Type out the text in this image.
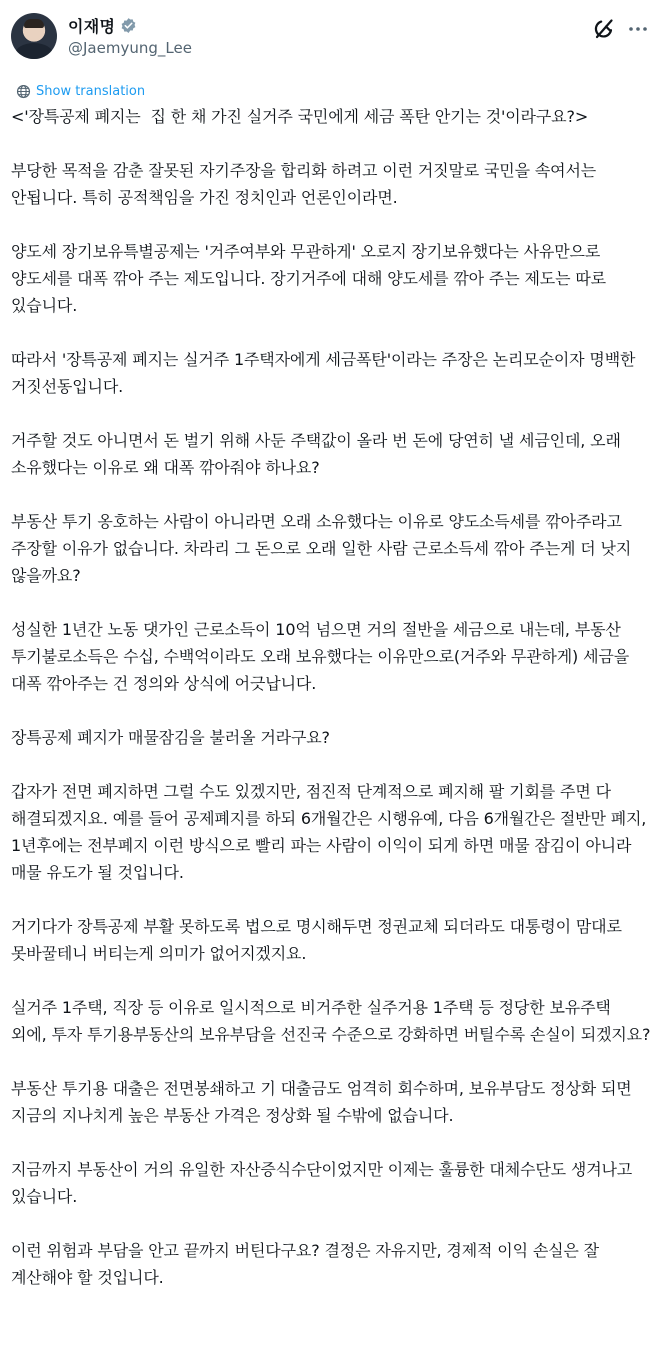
이재명
@Jaemyung_Lee
Show translation

<'장특공제 폐지는  집 한 채 가진 실거주 국민에게 세금 폭탄 안기는 것'이라구요?>

부당한 목적을 감춘 잘못된 자기주장을 합리화 하려고 이런 거짓말로 국민을 속여서는 안됩니다. 특히 공적책임을 가진 정치인과 언론인이라면.

양도세 장기보유특별공제는 '거주여부와 무관하게' 오로지 장기보유했다는 사유만으로 양도세를 대폭 깎아 주는 제도입니다. 장기거주에 대해 양도세를 깎아 주는 제도는 따로 있습니다.

따라서 '장특공제 폐지는 실거주 1주택자에게 세금폭탄'이라는 주장은 논리모순이자 명백한 거짓선동입니다.

거주할 것도 아니면서 돈 벌기 위해 사둔 주택값이 올라 번 돈에 당연히 낼 세금인데, 오래 소유했다는 이유로 왜 대폭 깎아줘야 하나요?

부동산 투기 옹호하는 사람이 아니라면 오래 소유했다는 이유로 양도소득세를 깎아주라고 주장할 이유가 없습니다. 차라리 그 돈으로 오래 일한 사람 근로소득세 깎아 주는게 더 낫지 않을까요?

성실한 1년간 노동 댓가인 근로소득이 10억 넘으면 거의 절반을 세금으로 내는데, 부동산 투기불로소득은 수십, 수백억이라도 오래 보유했다는 이유만으로(거주와 무관하게) 세금을 대폭 깎아주는 건 정의와 상식에 어긋납니다.

장특공제 폐지가 매물잠김을 불러올 거라구요?

갑자가 전면 폐지하면 그럴 수도 있겠지만, 점진적 단계적으로 폐지해 팔 기회를 주면 다 해결되겠지요. 예를 들어 공제폐지를 하되 6개월간은 시행유예, 다음 6개월간은 절반만 폐지, 1년후에는 전부폐지 이런 방식으로 빨리 파는 사람이 이익이 되게 하면 매물 잠김이 아니라 매물 유도가 될 것입니다.

거기다가 장특공제 부활 못하도록 법으로 명시해두면 정권교체 되더라도 대통령이 맘대로 못바꿀테니 버티는게 의미가 없어지겠지요.

실거주 1주택, 직장 등 이유로 일시적으로 비거주한 실주거용 1주택 등 정당한 보유주택 외에, 투자 투기용부동산의 보유부담을 선진국 수준으로 강화하면 버틸수록 손실이 되겠지요?

부동산 투기용 대출은 전면봉쇄하고 기 대출금도 엄격히 회수하며, 보유부담도 정상화 되면 지금의 지나치게 높은 부동산 가격은 정상화 될 수밖에 없습니다.

지금까지 부동산이 거의 유일한 자산증식수단이었지만 이제는 훌륭한 대체수단도 생겨나고 있습니다.

이런 위험과 부담을 안고 끝까지 버틴다구요? 결정은 자유지만, 경제적 이익 손실은 잘 계산해야 할 것입니다.
